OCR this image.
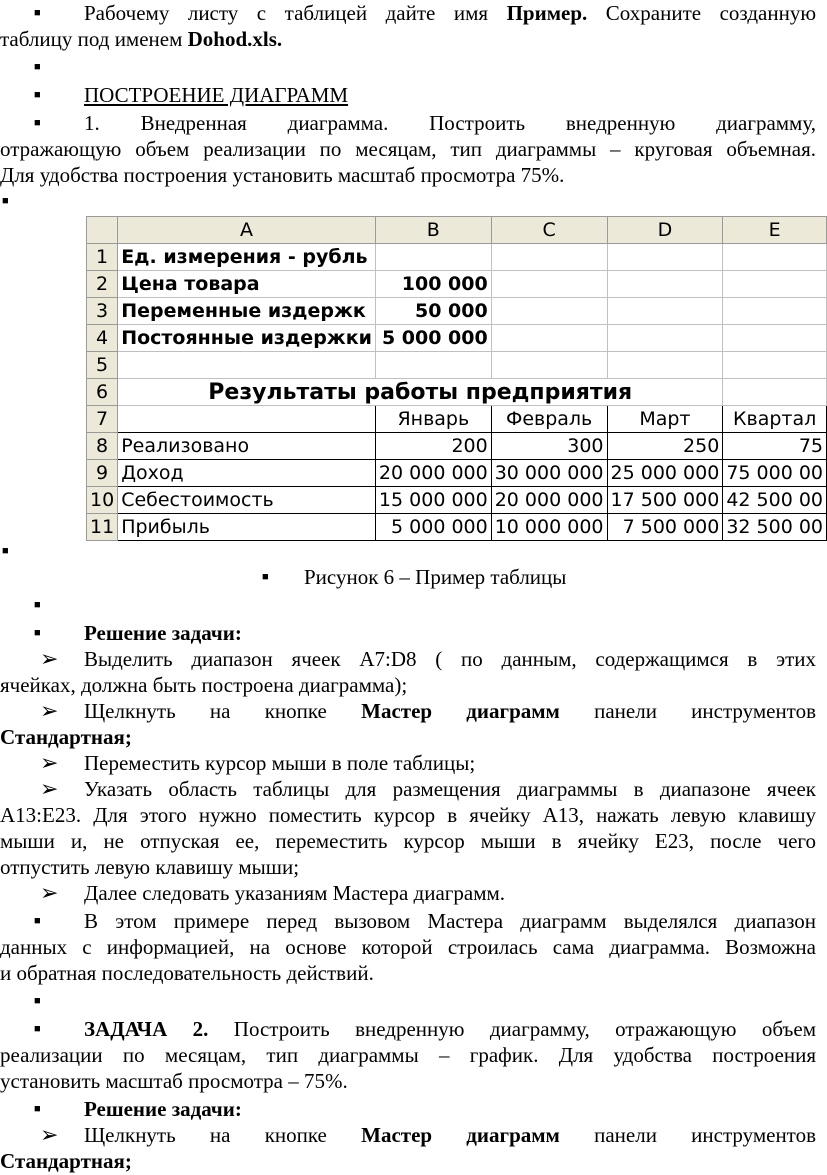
■	Рабочему листу с таблицей дайте имя Пример. Сохраните созданную
таблицу под именем Dohod.xls.
■
■	ПОСТРОЕНИЕ ДИАГРАММ
■	1. Внедренная диаграмма. Построить внедренную диаграмму,
отражающую объем реализации по месяцам, тип диаграммы – круговая объемная.
Для удобства построения установить масштаб просмотра 75%.
■
	A	B	C	D	E
1	Ед. измерения - рубль				
2	Цена товара	100 000			
3	Переменные издержк	50 000			
4	Постоянные издержки	5 000 000			
5					
6	Результаты работы предприятия				
7		Январь	Февраль	Март	Квартал
8	Реализовано	200	300	250	75
9	Доход	20 000 000	30 000 000	25 000 000	75 000 00
10	Себестоимость	15 000 000	20 000 000	17 500 000	42 500 00
11	Прибыль	5 000 000	10 000 000	7 500 000	32 500 00
■
■	Рисунок 6 – Пример таблицы
■
■	Решение задачи:
➢ Выделить диапазон ячеек А7:D8 ( по данным, содержащимся в этих
ячейках, должна быть построена диаграмма);
➢ Щелкнуть на кнопке Мастер диаграмм панели инструментов
Стандартная;
➢ Переместить курсор мыши в поле таблицы;
➢ Указать область таблицы для размещения диаграммы в диапазоне ячеек
А13:Е23. Для этого нужно поместить курсор в ячейку А13, нажать левую клавишу
мыши и, не отпуская ее, переместить курсор мыши в ячейку Е23, после чего
отпустить левую клавишу мыши;
➢ Далее следовать указаниям Мастера диаграмм.
■	В этом примере перед вызовом Мастера диаграмм выделялся диапазон
данных с информацией, на основе которой строилась сама диаграмма. Возможна
и обратная последовательность действий.
■
■	ЗАДАЧА 2. Построить внедренную диаграмму, отражающую объем
реализации по месяцам, тип диаграммы – график. Для удобства построения
установить масштаб просмотра – 75%.
■	Решение задачи:
➢ Щелкнуть на кнопке Мастер диаграмм панели инструментов
Стандартная;
